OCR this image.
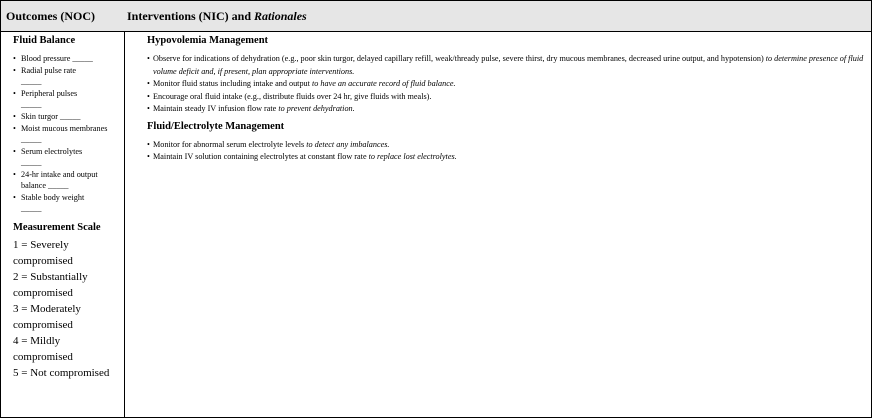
Outcomes (NOC)	Interventions (NIC) and Rationales
Fluid Balance
• Blood pressure _____
• Radial pulse rate
_____
• Peripheral pulses
_____
• Skin turgor _____
• Moist mucous membranes _____
• Serum electrolytes
_____
• 24-hr intake and output balance _____
• Stable body weight
_____
Measurement Scale
1 = Severely compromised
2 = Substantially compromised
3 = Moderately compromised
4 = Mildly compromised
5 = Not compromised
Hypovolemia Management
• Observe for indications of dehydration (e.g., poor skin turgor, delayed capillary refill, weak/thready pulse, severe thirst, dry mucous membranes, decreased urine output, and hypotension) to determine presence of fluid volume deficit and, if present, plan appropriate interventions.
• Monitor fluid status including intake and output to have an accurate record of fluid balance.
• Encourage oral fluid intake (e.g., distribute fluids over 24 hr, give fluids with meals).
• Maintain steady IV infusion flow rate to prevent dehydration.
Fluid/Electrolyte Management
• Monitor for abnormal serum electrolyte levels to detect any imbalances.
• Maintain IV solution containing electrolytes at constant flow rate to replace lost electrolytes.
